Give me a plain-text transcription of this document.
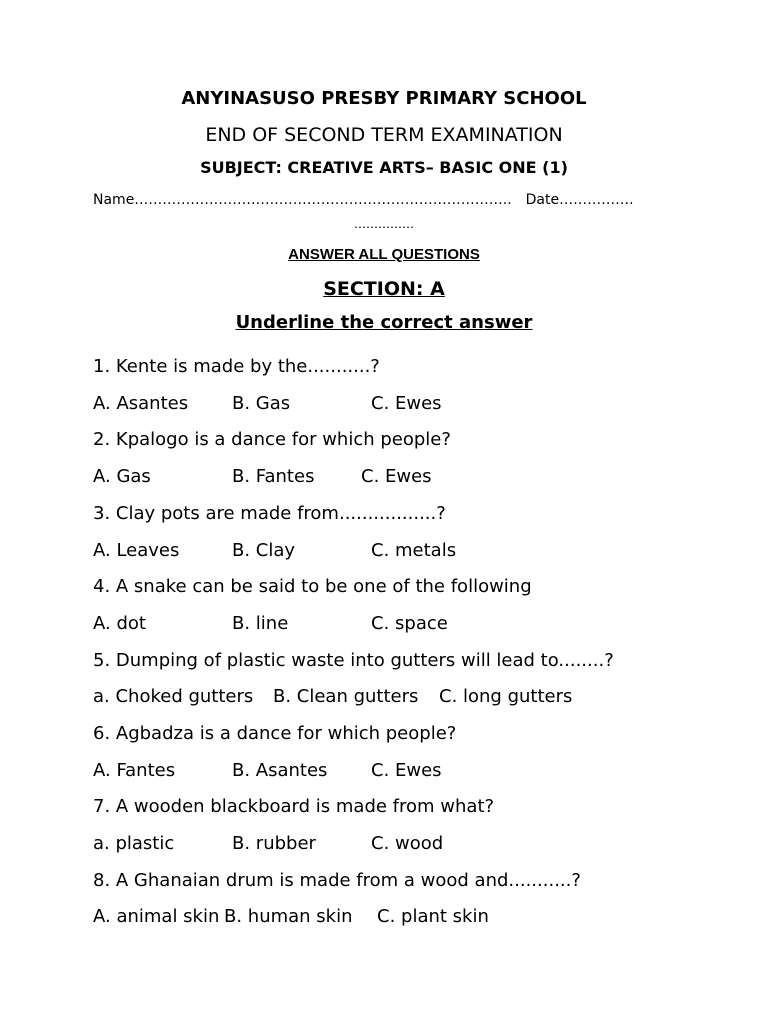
ANYINASUSO PRESBY PRIMARY SCHOOL
END OF SECOND TERM EXAMINATION
SUBJECT: CREATIVE ARTS– BASIC ONE (1)
Name………………………….………………………………………….. Date…………….
……………
ANSWER ALL QUESTIONS
SECTION: A
Underline the correct answer
1. Kente is made by the...........?
A. Asantes B. Gas	C. Ewes
2. Kpalogo is a dance for which people?
A. Gas	B. Fantes	C. Ewes
3. Clay pots are made from.................?
A. Leaves	B. Clay	C. metals
4. A snake can be said to be one of the following
A. dot	B. line	C. space
5. Dumping of plastic waste into gutters will lead to........?
a. Choked gutters B. Clean gutters C. long gutters
6. Agbadza is a dance for which people?
A. Fantes	B. Asantes C. Ewes
7. A wooden blackboard is made from what?
a. plastic	B. rubber	C. wood
8. A Ghanaian drum is made from a wood and...........?
A. animal skin B. human skin C. plant skin
